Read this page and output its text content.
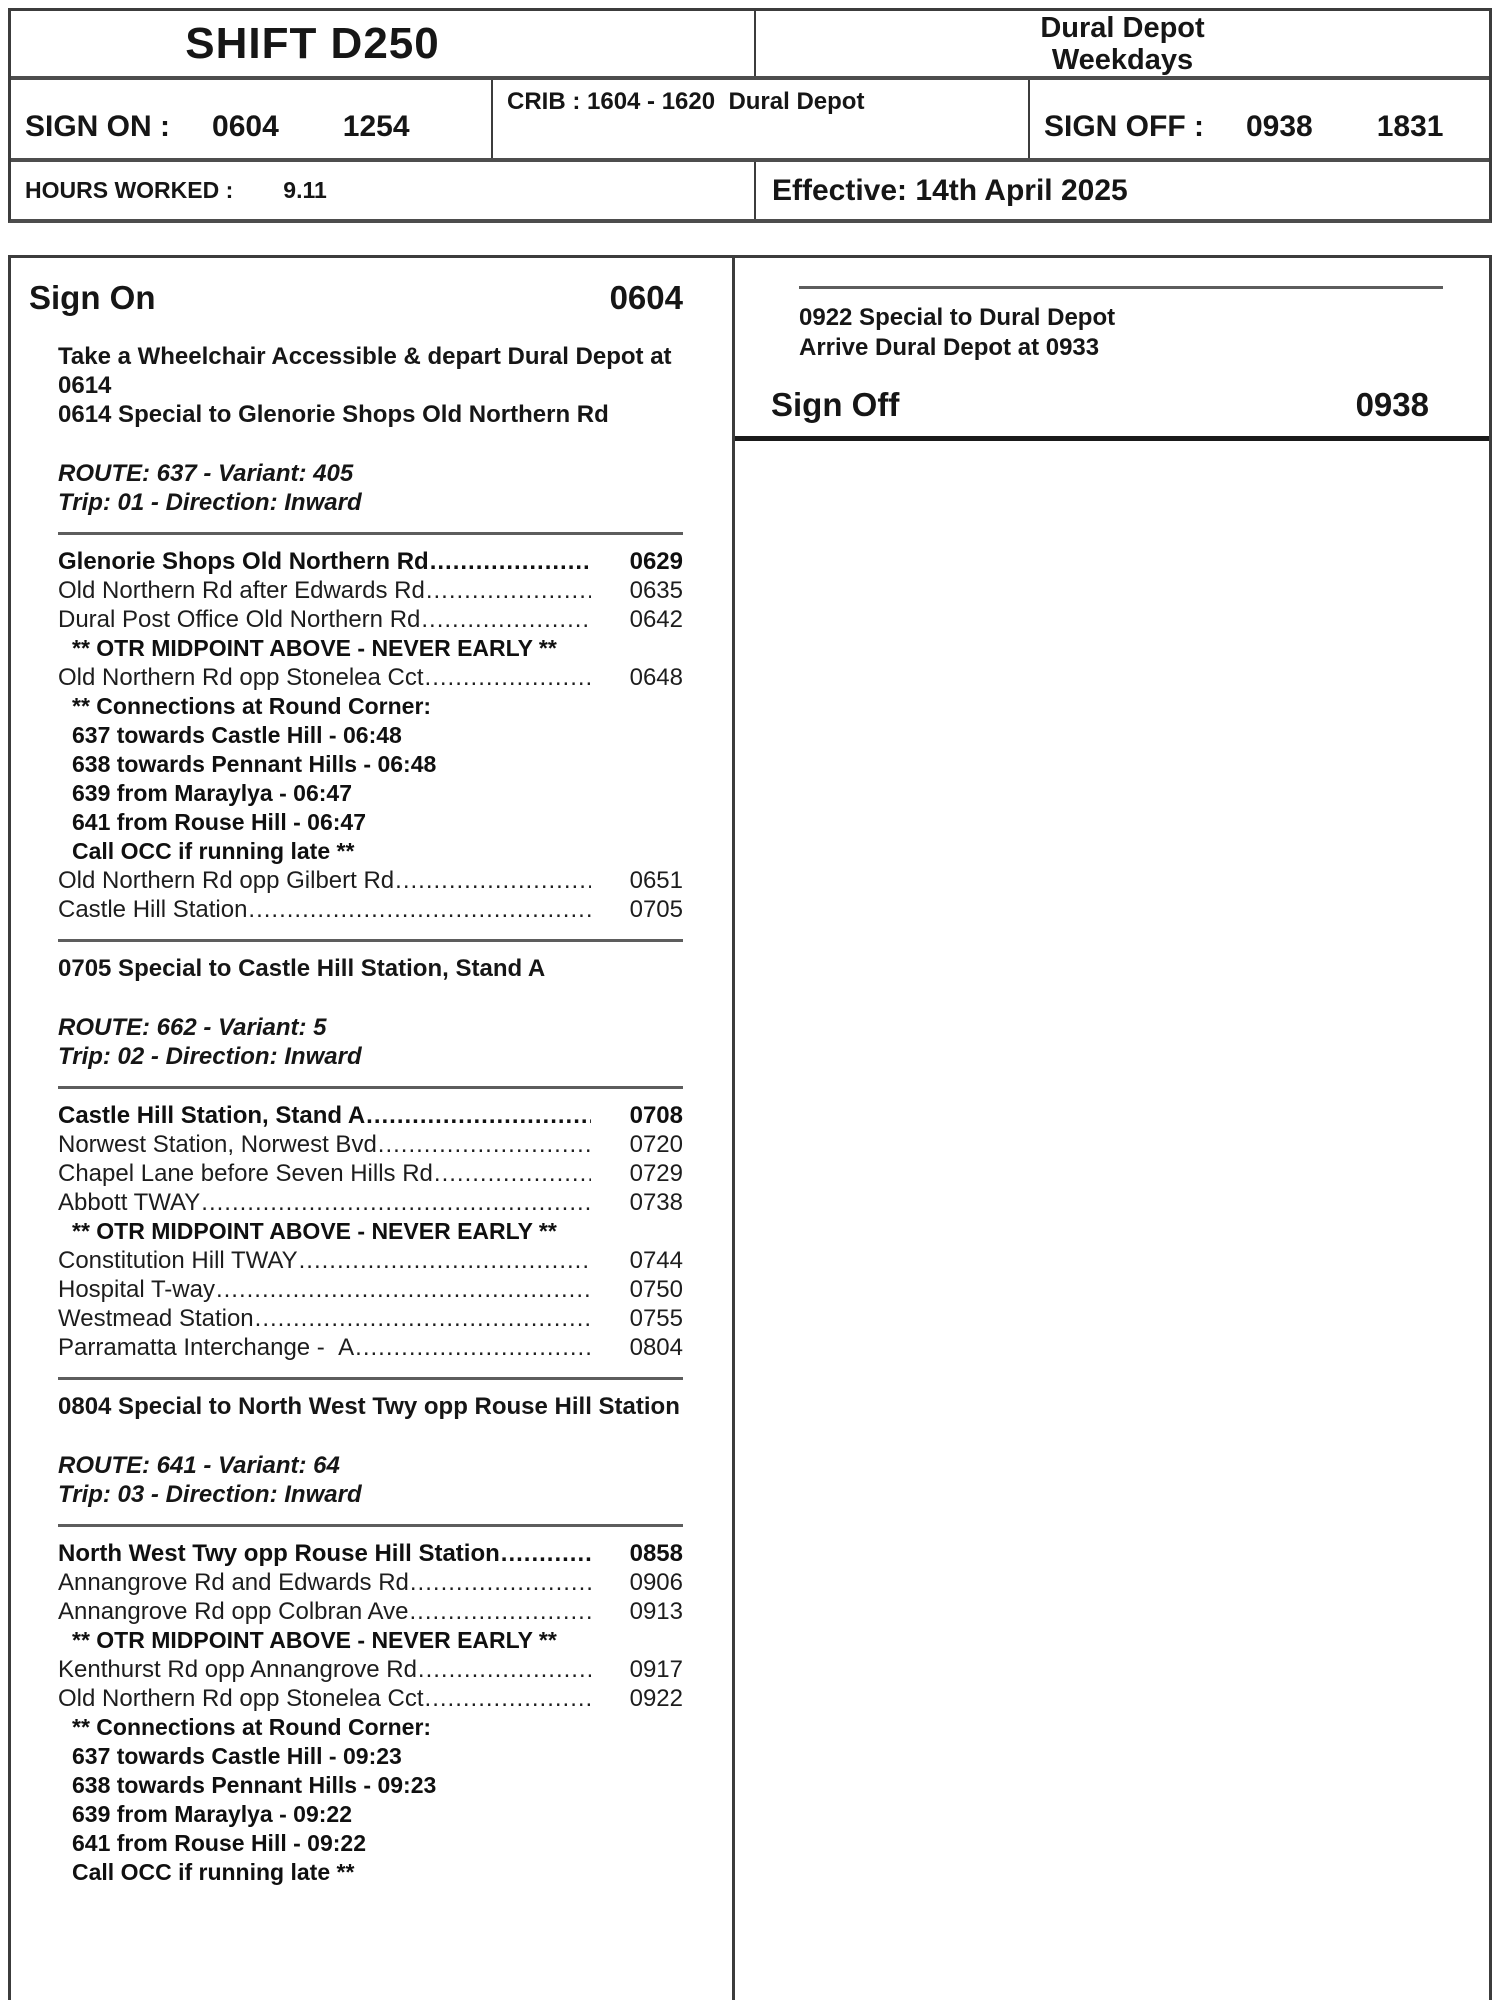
SHIFT D250	Dural Depot
Weekdays
SIGN ON : 0604 1254
CRIB : 1604 - 1620  Dural Depot
SIGN OFF : 0938 1831
HOURS WORKED : 9.11	Effective: 14th April 2025
Sign On	0604
Take a Wheelchair Accessible & depart Dural Depot at 0614
0614 Special to Glenorie Shops Old Northern Rd
ROUTE: 637 - Variant: 405
Trip: 01 - Direction: Inward
Glenorie Shops Old Northern Rd .....	0629
Old Northern Rd after Edwards Rd .....	0635
Dural Post Office Old Northern Rd .....	0642
** OTR MIDPOINT ABOVE - NEVER EARLY **
Old Northern Rd opp Stonelea Cct .....	0648
** Connections at Round Corner:
637 towards Castle Hill - 06:48
638 towards Pennant Hills - 06:48
639 from Maraylya - 06:47
641 from Rouse Hill - 06:47
Call OCC if running late **
Old Northern Rd opp Gilbert Rd .....	0651
Castle Hill Station .....	0705
0705 Special to Castle Hill Station, Stand A
ROUTE: 662 - Variant: 5
Trip: 02 - Direction: Inward
Castle Hill Station, Stand A .....	0708
Norwest Station, Norwest Bvd .....	0720
Chapel Lane before Seven Hills Rd .....	0729
Abbott TWAY .....	0738
** OTR MIDPOINT ABOVE - NEVER EARLY **
Constitution Hill TWAY .....	0744
Hospital T-way .....	0750
Westmead Station .....	0755
Parramatta Interchange -  A .....	0804
0804 Special to North West Twy opp Rouse Hill Station
ROUTE: 641 - Variant: 64
Trip: 03 - Direction: Inward
North West Twy opp Rouse Hill Station .....	0858
Annangrove Rd and Edwards Rd .....	0906
Annangrove Rd opp Colbran Ave .....	0913
** OTR MIDPOINT ABOVE - NEVER EARLY **
Kenthurst Rd opp Annangrove Rd .....	0917
Old Northern Rd opp Stonelea Cct .....	0922
** Connections at Round Corner:
637 towards Castle Hill - 09:23
638 towards Pennant Hills - 09:23
639 from Maraylya - 09:22
641 from Rouse Hill - 09:22
Call OCC if running late **
0922 Special to Dural Depot
Arrive Dural Depot at 0933
Sign Off	0938
